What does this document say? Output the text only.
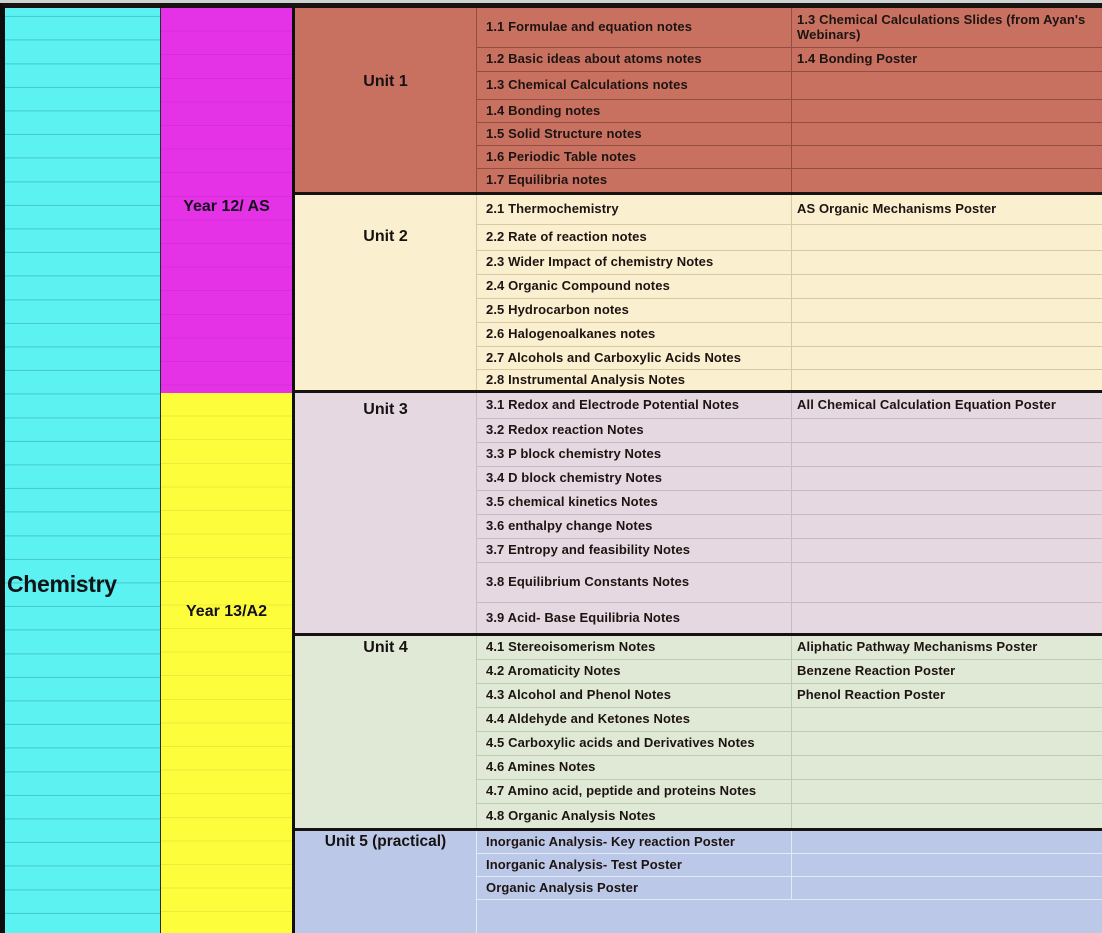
Chemistry
Year 12/ AS
Year 13/A2
Unit 1
1.1 Formulae and equation notes	1.3 Chemical Calculations Slides (from Ayan's Webinars)
1.2 Basic ideas about atoms notes	1.4 Bonding Poster
1.3 Chemical Calculations notes
1.4 Bonding notes
1.5 Solid Structure notes
1.6 Periodic Table notes
1.7 Equilibria notes
Unit 2
2.1 Thermochemistry	AS Organic Mechanisms Poster
2.2 Rate of reaction notes
2.3 Wider Impact of chemistry Notes
2.4 Organic Compound notes
2.5 Hydrocarbon notes
2.6 Halogenoalkanes notes
2.7 Alcohols and Carboxylic Acids Notes
2.8 Instrumental Analysis Notes
Unit 3	3.1 Redox and Electrode Potential Notes	All Chemical Calculation Equation Poster
3.2 Redox reaction Notes
3.3 P block chemistry Notes
3.4 D block chemistry Notes
3.5 chemical kinetics Notes
3.6 enthalpy change Notes
3.7 Entropy and feasibility Notes
3.8 Equilibrium Constants Notes
3.9 Acid- Base Equilibria Notes
Unit 4	4.1 Stereoisomerism Notes	Aliphatic Pathway Mechanisms Poster
4.2 Aromaticity Notes	Benzene Reaction Poster
4.3 Alcohol and Phenol Notes	Phenol Reaction Poster
4.4 Aldehyde and Ketones Notes
4.5 Carboxylic acids and Derivatives Notes
4.6 Amines Notes
4.7 Amino acid, peptide and proteins Notes
4.8 Organic Analysis Notes
Unit 5 (practical)	Inorganic Analysis- Key reaction Poster
Inorganic Analysis- Test Poster
Organic Analysis Poster
